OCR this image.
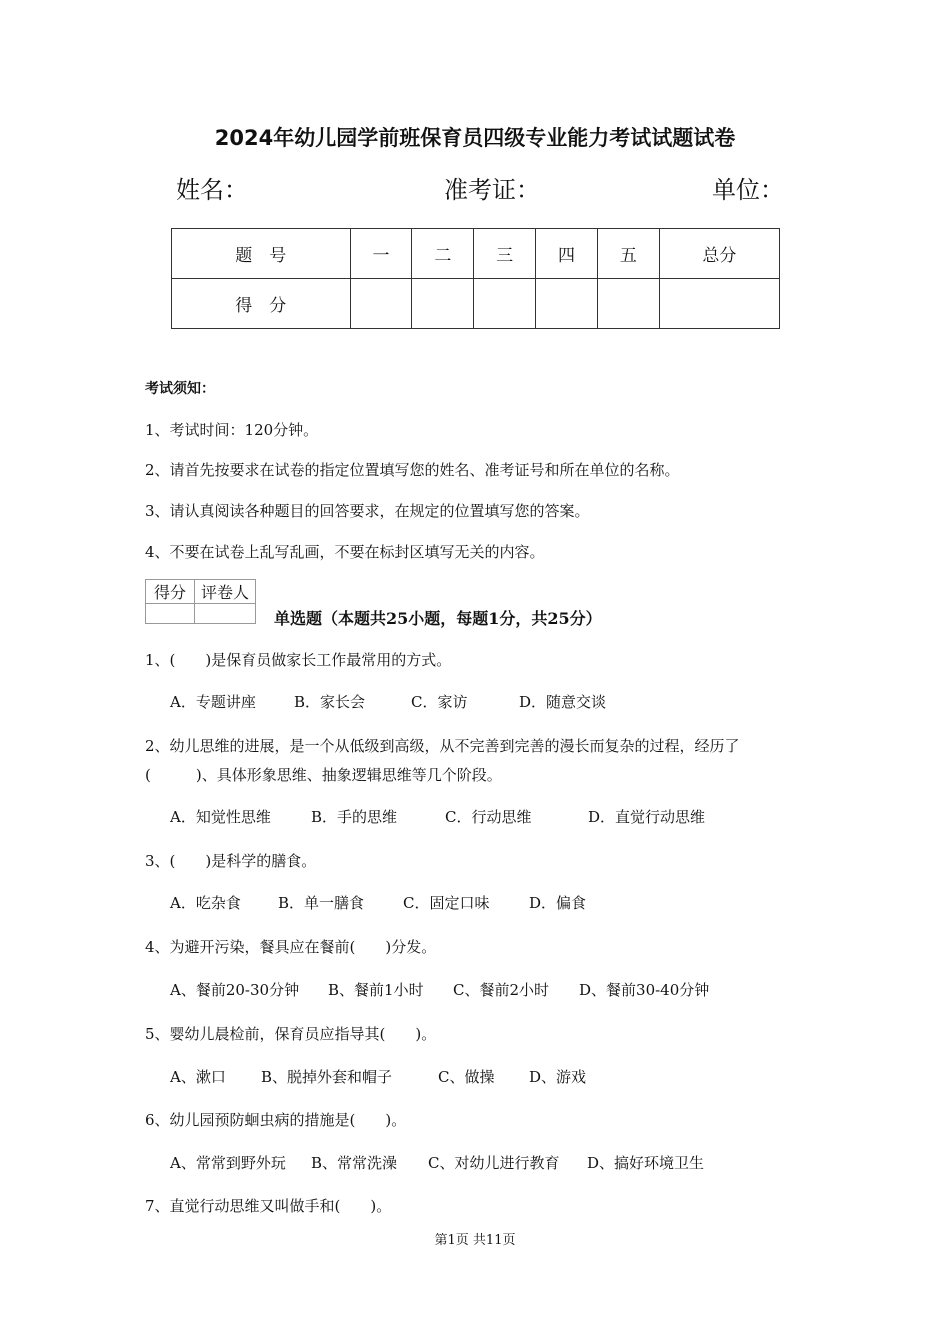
2024年幼儿园学前班保育员四级专业能力考试试题试卷
姓名：	准考证：	单位：
题　号	一	二	三	四	五	总分
得　分						
考试须知：
1、考试时间：120分钟。
2、请首先按要求在试卷的指定位置填写您的姓名、准考证号和所在单位的名称。
3、请认真阅读各种题目的回答要求，在规定的位置填写您的答案。
4、不要在试卷上乱写乱画，不要在标封区填写无关的内容。
得分	评卷人

单选题（本题共25小题，每题1分，共25分）
1、(　　)是保育员做家长工作最常用的方式。
A．专题讲座	B．家长会	C．家访	D．随意交谈
2、幼儿思维的进展，是一个从低级到高级，从不完善到完善的漫长而复杂的过程，经历了
(　　　)、具体形象思维、抽象逻辑思维等几个阶段。
A．知觉性思维	B．手的思维	C．行动思维	D．直觉行动思维
3、(　　)是科学的膳食。
A．吃杂食 B．单一膳食	C．固定口味	D．偏食
4、为避开污染，餐具应在餐前(　　)分发。
A、餐前20-30分钟 B、餐前1小时 C、餐前2小时 D、餐前30-40分钟
5、婴幼儿晨检前，保育员应指导其(　　)。
A、漱口 B、脱掉外套和帽子	C、做操 D、游戏
6、幼儿园预防蛔虫病的措施是(　　)。
A、常常到野外玩 B、常常洗澡 C、对幼儿进行教育 D、搞好环境卫生
7、直觉行动思维又叫做手和(　　)。
第1页 共11页
